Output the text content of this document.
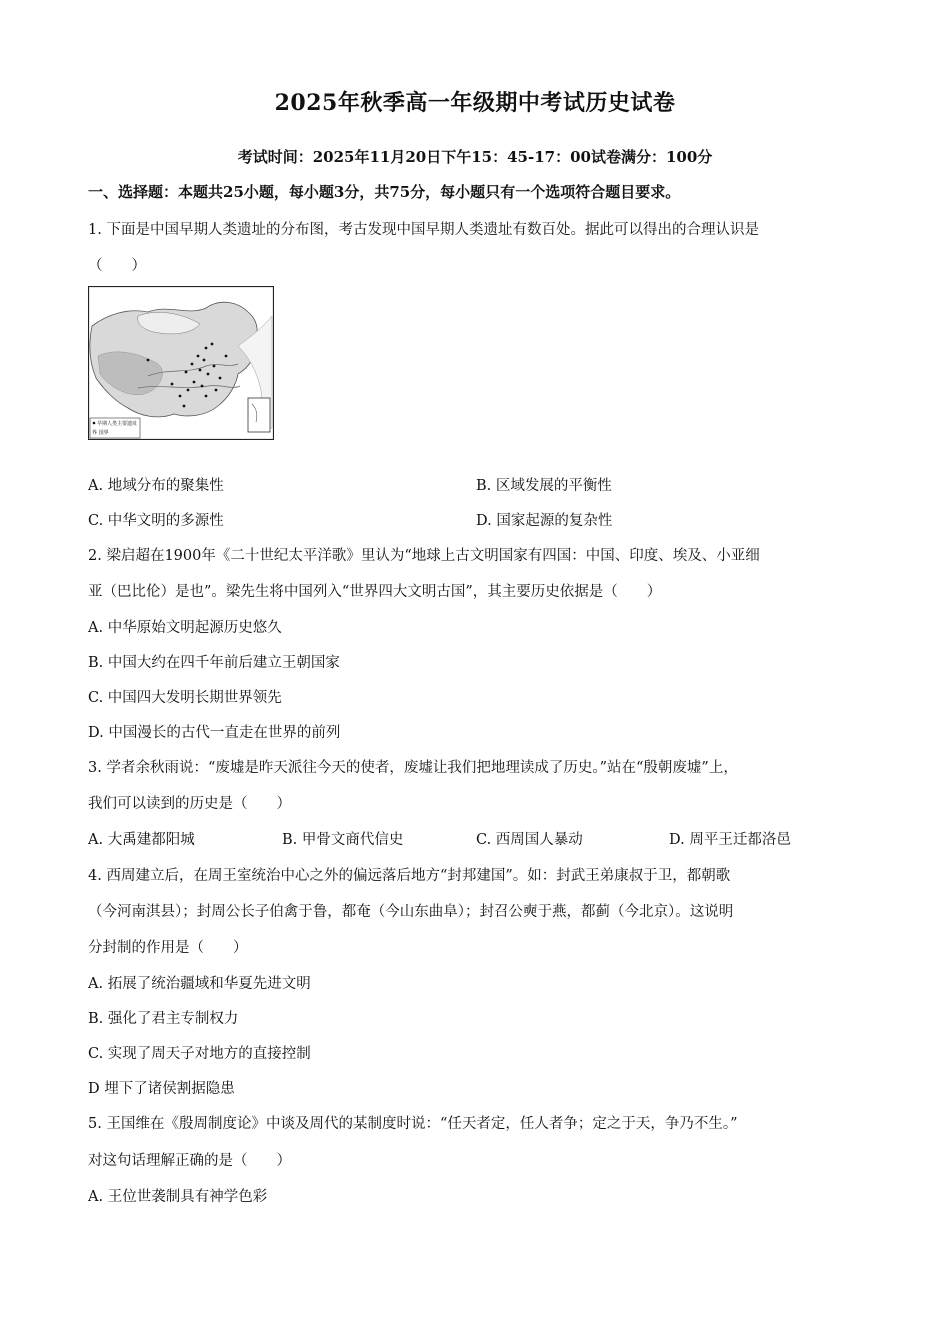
2025年秋季高一年级期中考试历史试卷
考试时间：2025年11月20日下午15：45-17：00试卷满分：100分
一、选择题：本题共25小题，每小题3分，共75分，每小题只有一个选项符合题目要求。
1. 下面是中国早期人类遗址的分布图，考古发现中国早期人类遗址有数百处。据此可以得出的合理认识是
（　　）
早期人类主要遗址
界 国界
A. 地域分布的聚集性	B. 区域发展的平衡性
C. 中华文明的多源性	D. 国家起源的复杂性
2. 梁启超在1900年《二十世纪太平洋歌》里认为“地球上古文明国家有四国：中国、印度、埃及、小亚细
亚（巴比伦）是也”。梁先生将中国列入“世界四大文明古国”，其主要历史依据是（　　）
A. 中华原始文明起源历史悠久
B. 中国大约在四千年前后建立王朝国家
C. 中国四大发明长期世界领先
D. 中国漫长的古代一直走在世界的前列
3. 学者余秋雨说：“废墟是昨天派往今天的使者，废墟让我们把地理读成了历史。”站在“殷朝废墟”上，
我们可以读到的历史是（　　）
A. 大禹建都阳城	B. 甲骨文商代信史	C. 西周国人暴动	D. 周平王迁都洛邑
4. 西周建立后，在周王室统治中心之外的偏远落后地方“封邦建国”。如：封武王弟康叔于卫，都朝歌
（今河南淇县）；封周公长子伯禽于鲁，都奄（今山东曲阜）；封召公奭于燕，都蓟（今北京）。这说明
分封制的作用是（　　）
A. 拓展了统治疆域和华夏先进文明
B. 强化了君主专制权力
C. 实现了周天子对地方的直接控制
D 埋下了诸侯割据隐患
5. 王国维在《殷周制度论》中谈及周代的某制度时说：“任天者定，任人者争；定之于天，争乃不生。”
对这句话理解正确的是（　　）
A. 王位世袭制具有神学色彩
